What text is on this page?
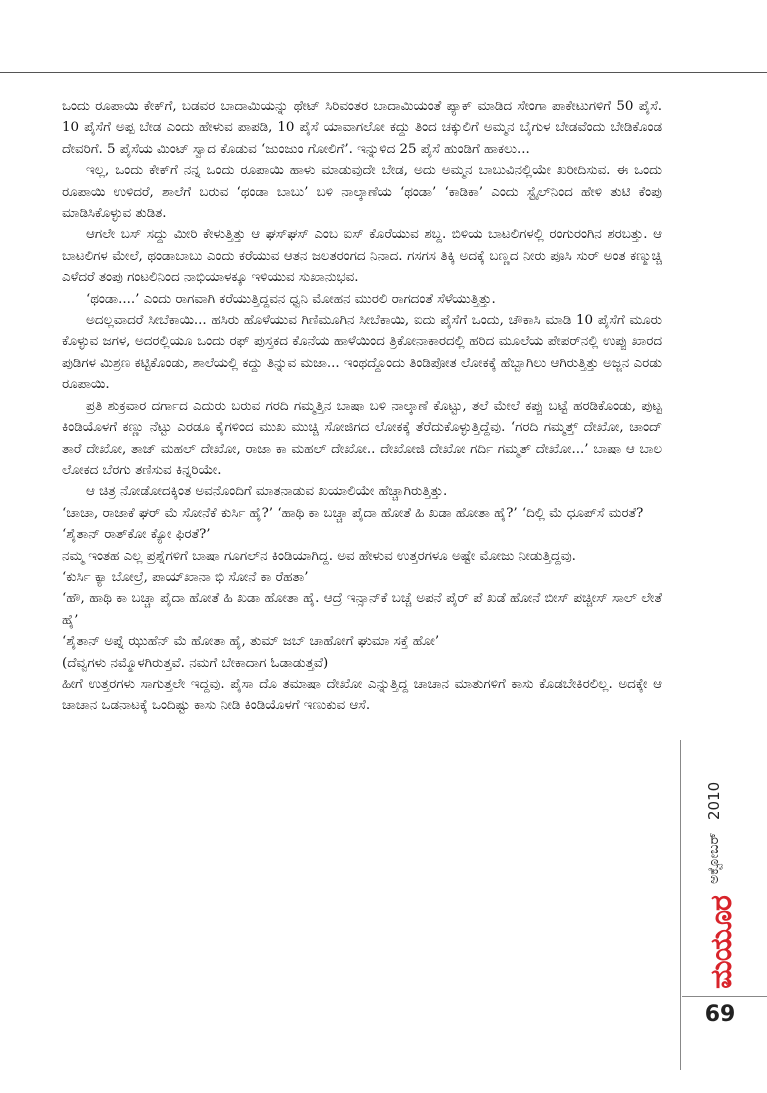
ಒಂದು ರೂಪಾಯಿ ಕೇಕ್‌ಗೆ, ಬಡವರ ಬಾದಾಮಿಯನ್ನು ಥೇಟ್ ಸಿರಿವಂತರ ಬಾದಾಮಿಯಂತೆ ಪ್ಯಾಕ್ ಮಾಡಿದ ಸೇಂಗಾ ಪಾಕೇಟುಗಳಿಗೆ 50 ಪೈಸೆ. 10 ಪೈಸೆಗೆ ಅಪ್ಪ ಬೇಡ ಎಂದು ಹೇಳುವ ಪಾಪಡಿ, 10 ಪೈಸೆ ಯಾವಾಗಲೋ ಕದ್ದು ತಿಂದ ಚಕ್ಕುಲಿಗೆ ಅಮ್ಮನ ಬೈಗುಳ ಬೇಡವೆಂದು ಬೇಡಿಕೊಂಡ ದೇವರಿಗೆ. 5 ಪೈಸೆಯ ಮಿಂಟ್ ಸ್ವಾದ ಕೊಡುವ ‘ಜುಂಜುಂ ಗೋಲಿಗೆ’. ಇನ್ನುಳಿದ 25 ಪೈಸೆ ಹುಂಡಿಗೆ ಹಾಕಲು...

ಇಲ್ಲ, ಒಂದು ಕೇಕ್‌ಗೆ ನನ್ನ ಒಂದು ರೂಪಾಯಿ ಹಾಳು ಮಾಡುವುದೇ ಬೇಡ, ಅದು ಅಮ್ಮನ ಬಾಬುವಿನಲ್ಲಿಯೇ ಖರೀದಿಸುವ. ಈ ಒಂದು ರೂಪಾಯಿ ಉಳಿದರೆ, ಶಾಲೆಗೆ ಬರುವ ‘ಥಂಡಾ ಬಾಬು’ ಬಳಿ ನಾಲ್ಕಾಣೆಯ ‘ಥಂಡಾ’ ‘ಕಾಡಿಕಾ’ ಎಂದು ಸ್ಟೈಲ್‌ನಿಂದ ಹೇಳಿ ತುಟಿ ಕೆಂಪು ಮಾಡಿಸಿಕೊಳ್ಳುವ ತುಡಿತ.

ಆಗಲೇ ಬಸ್ ಸದ್ದು ಮೀರಿ ಕೇಳುತ್ತಿತ್ತು ಆ ಘಸ್‌ಘಸ್ ಎಂಬ ಐಸ್ ಕೊರೆಯುವ ಶಬ್ದ. ಬಿಳಿಯ ಬಾಟಲಿಗಳಲ್ಲಿ ರಂಗುರಂಗಿನ ಶರಬತ್ತು. ಆ ಬಾಟಲಿಗಳ ಮೇಲೆ, ಥಂಡಾಬಾಬು ಎಂದು ಕರೆಯುವ ಆತನ ಜಲತರಂಗದ ನಿನಾದ. ಗಸಗಸ ತಿಕ್ಕಿ ಅದಕ್ಕೆ ಬಣ್ಣದ ನೀರು ಪೂಸಿ ಸುರ್ ಅಂತ ಕಣ್ಮುಚ್ಚಿ ಎಳೆದರೆ ತಂಪು ಗಂಟಲಿನಿಂದ ನಾಭಿಯಾಳಕ್ಕೂ ಇಳಿಯುವ ಸುಖಾನುಭವ.

‘ಥಂಡಾ....’ ಎಂದು ರಾಗವಾಗಿ ಕರೆಯುತ್ತಿದ್ದವನ ಧ್ವನಿ ಮೋಹನ ಮುರಲಿ ರಾಗದಂತೆ ಸೆಳೆಯುತ್ತಿತ್ತು.

ಅದಲ್ಲವಾದರೆ ಸೀಬೆಕಾಯಿ... ಹಸಿರು ಹೊಳೆಯುವ ಗಿಣಿಮೂಗಿನ ಸೀಬೆಕಾಯಿ, ಐದು ಪೈಸೆಗೆ ಒಂದು, ಚೌಕಾಸಿ ಮಾಡಿ 10 ಪೈಸೆಗೆ ಮೂರು ಕೊಳ್ಳುವ ಜಗಳ, ಅದರಲ್ಲಿಯೂ ಒಂದು ರಫ್ ಪುಸ್ತಕದ ಕೊನೆಯ ಹಾಳೆಯಿಂದ ತ್ರಿಕೋನಾಕಾರದಲ್ಲಿ ಹರಿದ ಮೂಲೆಯ ಪೇಪರ್‌ನಲ್ಲಿ ಉಪ್ಪು ಖಾರದ ಪುಡಿಗಳ ಮಿಶ್ರಣ ಕಟ್ಟಿಕೊಂಡು, ಶಾಲೆಯಲ್ಲಿ ಕದ್ದು ತಿನ್ನುವ ಮಜಾ... ಇಂಥದ್ದೊಂದು ತಿಂಡಿಪೋತ ಲೋಕಕ್ಕೆ ಹೆಬ್ಬಾಗಿಲು ಆಗಿರುತ್ತಿತ್ತು ಅಜ್ಜನ ಎರಡು ರೂಪಾಯಿ.

ಪ್ರತಿ ಶುಕ್ರವಾರ ದರ್ಗಾದ ಎದುರು ಬರುವ ಗರದಿ ಗಮ್ಮತ್ತಿನ ಬಾಷಾ ಬಳಿ ನಾಲ್ಕಾಣೆ ಕೊಟ್ಟು, ತಲೆ ಮೇಲೆ ಕಪ್ಪು ಬಟ್ಟೆ ಹರಡಿಕೊಂಡು, ಪುಟ್ಟ ಕಿಂಡಿಯೊಳಗೆ ಕಣ್ಣು ನೆಟ್ಟು ಎರಡೂ ಕೈಗಳಿಂದ ಮುಖ ಮುಚ್ಚಿ ಸೋಜಿಗದ ಲೋಕಕ್ಕೆ ತೆರೆದುಕೊಳ್ಳುತ್ತಿದ್ದೆವು. ‘ಗರದಿ ಗಮ್ಮತ್ತ್ ದೇಖೋ, ಚಾಂದ್ ತಾರೆ ದೇಖೋ, ತಾಜ್ ಮಹಲ್ ದೇಖೋ, ರಾಜಾ ಕಾ ಮಹಲ್ ದೇಖೋ.. ದೇಖೋಜಿ ದೇಖೋ ಗರ್ದಿ ಗಮ್ಮತ್ ದೇಖೋ...’ ಬಾಷಾ ಆ ಬಾಲ ಲೋಕದ ಬೆರಗು ತಣಿಸುವ ಕಿನ್ನರಿಯೇ.

ಆ ಚಿತ್ರ ನೋಡೋದಕ್ಕಿಂತ ಅವನೊಂದಿಗೆ ಮಾತನಾಡುವ ಖಯಾಲಿಯೇ ಹೆಚ್ಚಾಗಿರುತ್ತಿತ್ತು.

‘ಚಾಚಾ, ರಾಜಾಕೆ ಘರ್ ಮೆ ಸೋನೆಕೆ ಕುರ್ಸಿ ಹೈ?’ ‘ಹಾಥಿ ಕಾ ಬಚ್ಚಾ ಪೈದಾ ಹೋತೆ ಹಿ ಖಡಾ ಹೋತಾ ಹೈ?’ ‘ದಿಲ್ಲಿ ಮೆ ಧೂಪ್‌ಸೆ ಮರತೆ?

‘ಶೈತಾನ್ ರಾತ್‌ಕೋ ಕ್ಯೋ ಫಿರತೆ?’

ನಮ್ಮ ಇಂತಹ ಎಲ್ಲ ಪ್ರಶ್ನೆಗಳಿಗೆ ಬಾಷಾ ಗೂಗಲ್‌ನ ಕಿಂಡಿಯಾಗಿದ್ದ. ಅವ ಹೇಳುವ ಉತ್ತರಗಳೂ ಅಷ್ಟೇ ಮೋಜು ನೀಡುತ್ತಿದ್ದವು.

‘ಕುರ್ಸಿ ಕ್ಯಾ ಬೋಲ್ರೆ, ಪಾಯ್‌ಖಾನಾ ಭಿ ಸೋನೆ ಕಾ ರೆಹತಾ’

‘ಹೌ, ಹಾಥಿ ಕಾ ಬಚ್ಚಾ ಪೈದಾ ಹೋತೆ ಹಿ ಖಡಾ ಹೋತಾ ಹೈ. ಆದ್ರೆ ಇನ್ಸಾನ್‌ಕೆ ಬಚ್ಚೆ ಅಪನೆ ಪೈರ್ ಪೆ ಖಡೆ ಹೋನೆ ಬೀಸ್ ಪಚ್ಚೀಸ್ ಸಾಲ್ ಲೇತೆ ಹೈ’

‘ಶೈತಾನ್ ಅಪ್ನೆ ಝುಹೆನ್ ಮೆ ಹೋತಾ ಹೈ, ತುಮ್ ಜಬ್ ಚಾಹೋಗೆ ಘುಮಾ ಸಕ್ತೆ ಹೋ’

(ದೆವ್ವಗಳು ನಮ್ಮೊಳಗಿರುತ್ತವೆ. ನಮಗೆ ಬೇಕಾದಾಗ ಓಡಾಡುತ್ತವೆ)

ಹೀಗೆ ಉತ್ತರಗಳು ಸಾಗುತ್ತಲೇ ಇದ್ದವು. ಪೈಸಾ ದೊ ತಮಾಷಾ ದೇಖೋ ಎನ್ನುತ್ತಿದ್ದ ಚಾಚಾನ ಮಾತುಗಳಿಗೆ ಕಾಸು ಕೊಡಬೇಕಿರಲಿಲ್ಲ. ಅದಕ್ಕೇ ಆ ಚಾಚಾನ ಒಡನಾಟಕ್ಕೆ ಒಂದಿಷ್ಟು ಕಾಸು ನೀಡಿ ಕಿಂಡಿಯೊಳಗೆ ಇಣುಕುವ ಆಸೆ.

ಅಕ್ಟೋಬರ್ 2010
ಮಯೂರ
69
